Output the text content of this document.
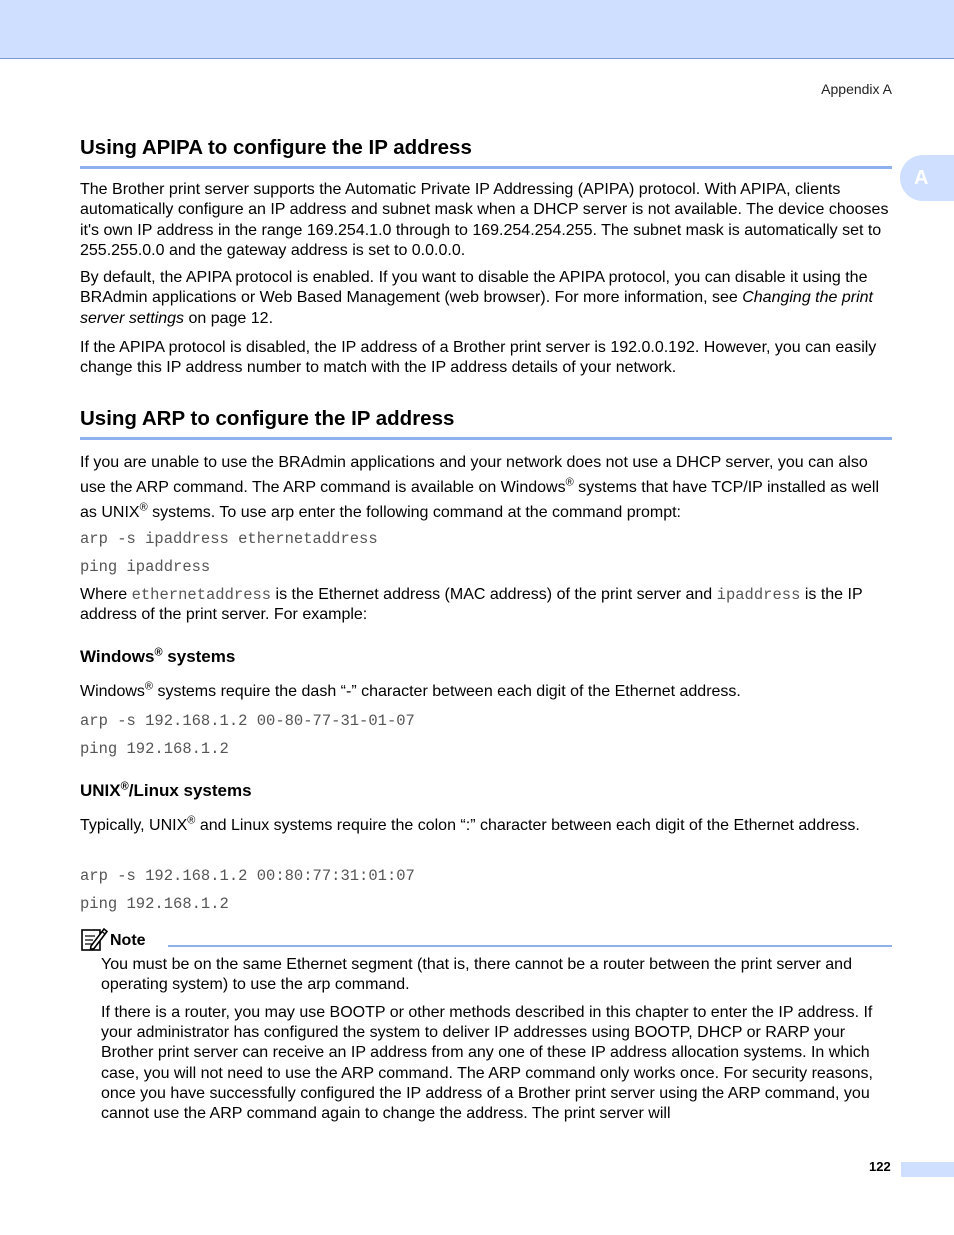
Appendix A
A
Using APIPA to configure the IP address

The Brother print server supports the Automatic Private IP Addressing (APIPA) protocol. With APIPA, clients automatically configure an IP address and subnet mask when a DHCP server is not available. The device chooses it's own IP address in the range 169.254.1.0 through to 169.254.254.255. The subnet mask is automatically set to 255.255.0.0 and the gateway address is set to 0.0.0.0.

By default, the APIPA protocol is enabled. If you want to disable the APIPA protocol, you can disable it using the BRAdmin applications or Web Based Management (web browser). For more information, see Changing the print server settings on page 12.

If the APIPA protocol is disabled, the IP address of a Brother print server is 192.0.0.192. However, you can easily change this IP address number to match with the IP address details of your network.

Using ARP to configure the IP address

If you are unable to use the BRAdmin applications and your network does not use a DHCP server, you can also use the ARP command. The ARP command is available on Windows® systems that have TCP/IP installed as well as UNIX® systems. To use arp enter the following command at the command prompt:

arp -s ipaddress ethernetaddress
ping ipaddress

Where ethernetaddress is the Ethernet address (MAC address) of the print server and ipaddress is the IP address of the print server. For example:

Windows® systems

Windows® systems require the dash “-” character between each digit of the Ethernet address.

arp -s 192.168.1.2 00-80-77-31-01-07
ping 192.168.1.2
UNIX®/Linux systems

Typically, UNIX® and Linux systems require the colon “:” character between each digit of the Ethernet address.

arp -s 192.168.1.2 00:80:77:31:01:07
ping 192.168.1.2
Note

You must be on the same Ethernet segment (that is, there cannot be a router between the print server and operating system) to use the arp command.

If there is a router, you may use BOOTP or other methods described in this chapter to enter the IP address. If your administrator has configured the system to deliver IP addresses using BOOTP, DHCP or RARP your Brother print server can receive an IP address from any one of these IP address allocation systems. In which case, you will not need to use the ARP command. The ARP command only works once. For security reasons, once you have successfully configured the IP address of a Brother print server using the ARP command, you cannot use the ARP command again to change the address. The print server will

122
